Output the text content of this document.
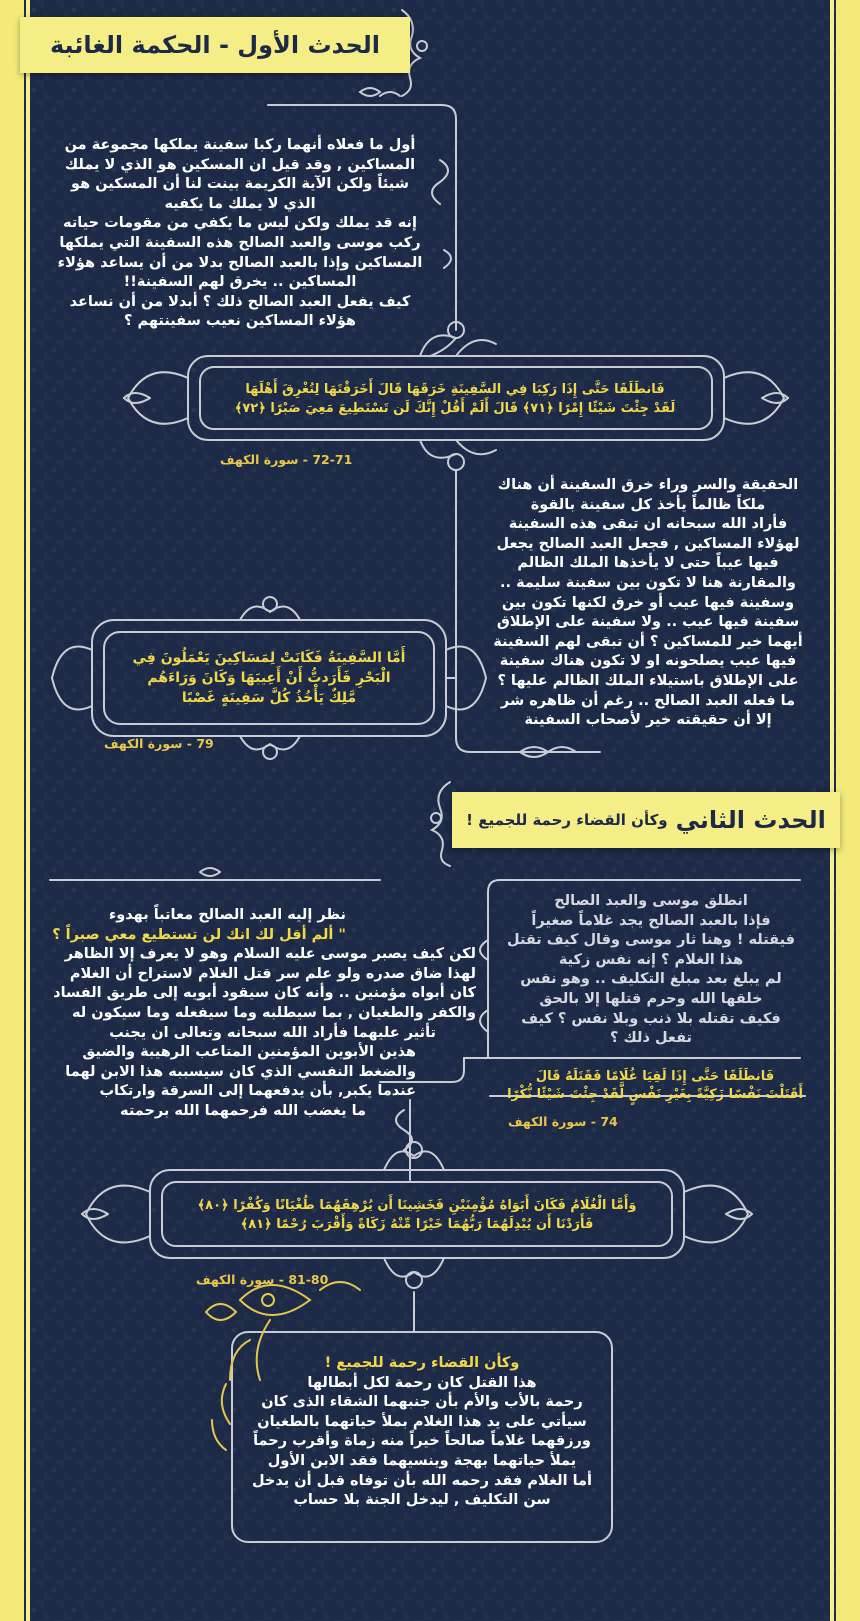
الحدث الأول - الحكمة الغائبة
أول ما فعلاه أنهما ركبا سفينة يملكها مجموعة من
المساكين , وقد قيل ان المسكين هو الذي لا يملك
شيئاً ولكن الآية الكريمة بينت لنا أن المسكين هو
الذي لا يملك ما يكفيه
إنه قد يملك ولكن ليس ما يكفي من مقومات حياته
ركب موسى والعبد الصالح هذه السفينة التي يملكها
المساكين وإذا بالعبد الصالح بدلا من أن يساعد هؤلاء
المساكين .. يخرق لهم السفينة!!
كيف يفعل العبد الصالح ذلك ؟ أبدلا من أن نساعد
هؤلاء المساكين نعيب سفينتهم ؟
فَانطَلَقَا حَتَّى إِذَا رَكِبَا فِي السَّفِينَةِ خَرَقَهَا قَالَ أَخَرَقْتَهَا لِتُغْرِقَ أَهْلَهَا
لَقَدْ جِئْتَ شَيْئًا إِمْرًا ﴿٧١﴾ قَالَ أَلَمْ أَقُلْ إِنَّكَ لَن تَسْتَطِيعَ مَعِيَ صَبْرًا ﴿٧٢﴾
72-71 - سورة الكهف
الحقيقة والسر وراء خرق السفينة أن هناك
ملكاً ظالماً يأخذ كل سفينة بالقوة
فأراد الله سبحانه ان تبقى هذه السفينة
لهؤلاء المساكين , فجعل العبد الصالح يجعل
فيها عيباً حتى لا يأخذها الملك الظالم
والمقارنة هنا لا تكون بين سفينة سليمة ..
وسفينة فيها عيب أو خرق لكنها تكون بين
سفينة فيها عيب .. ولا سفينة على الإطلاق
أيهما خير للمساكين ؟ أن تبقى لهم السفينة
فيها عيب يصلحونه او لا تكون هناك سفينة
على الإطلاق باستيلاء الملك الظالم عليها ؟
ما فعله العبد الصالح .. رغم أن ظاهره شر
إلا أن حقيقته خير لأصحاب السفينة
أَمَّا السَّفِينَةُ فَكَانَتْ لِمَسَاكِينَ يَعْمَلُونَ فِي
الْبَحْرِ فَأَرَدتُّ أَنْ أَعِيبَهَا وَكَانَ وَرَاءَهُم
مَّلِكٌ يَأْخُذُ كُلَّ سَفِينَةٍ غَصْبًا
79 - سورة الكهف
الحدث الثاني
وكأن القضاء رحمة للجميع !
انطلق موسى والعبد الصالح
فإذا بالعبد الصالح يجد غلاماً صغيراً
فيقتله ! وهنا ثار موسى وقال كيف تقتل
هذا الغلام ؟ إنه نفس زكية
لم يبلغ بعد مبلغ التكليف .. وهو نفس
خلقها الله وحرم قتلها إلا بالحق
فكيف تقتله بلا ذنب وبلا نفس ؟ كيف
تفعل ذلك ؟
فَانطَلَقَا حَتَّى إِذَا لَقِيَا غُلَامًا فَقَتَلَهُ قَالَ
أَقَتَلْتَ نَفْسًا زَكِيَّةً بِغَيْرِ نَفْسٍ لَّقَدْ جِئْتَ شَيْئًا نُّكْرًا
74 - سورة الكهف
نظر إليه العبد الصالح معاتباً بهدوء
" ألم أقل لك انك لن تستطيع معي صبراً ؟
لكن كيف يصبر موسى عليه السلام وهو لا يعرف إلا الظاهر
لهذا ضاق صدره ولو علم سر قتل الغلام لاستراح أن الغلام
كان أبواه مؤمنين .. وأنه كان سيقود أبويه إلى طريق الفساد
والكفر والطغيان , بما سيطلبه وما سيفعله وما سيكون له
تأثير عليهما فأراد الله سبحانه وتعالى ان يجنب
هذين الأبوين المؤمنين المتاعب الرهيبة والضيق
والضغط النفسي الذي كان سيسببه هذا الابن لهما
عندما يكبر, بأن يدفعهما إلى السرقة وارتكاب
ما يغضب الله فرحمهما الله برحمته
وَأَمَّا الْغُلَامُ فَكَانَ أَبَوَاهُ مُؤْمِنَيْنِ فَخَشِينَا أَن يُرْهِقَهُمَا طُغْيَانًا وَكُفْرًا ﴿٨٠﴾
فَأَرَدْنَا أَن يُبْدِلَهُمَا رَبُّهُمَا خَيْرًا مِّنْهُ زَكَاةً وَأَقْرَبَ رُحْمًا ﴿٨١﴾
81-80 - سورة الكهف
وكأن القضاء رحمة للجميع !
هذا القتل كان رحمة لكل أبطالها
رحمة بالأب والأم بأن جنبهما الشقاء الذى كان
سيأتي على يد هذا الغلام بملأ حياتهما بالطغيان
ورزقهما غلاماً صالحاً خيراً منه زماة وأقرب رحماً
يملأ حياتهما بهجة وينسيهما فقد الابن الأول
أما الغلام فقد رحمه الله بأن توفاه قبل أن يدخل
سن التكليف , ليدخل الجنة بلا حساب
